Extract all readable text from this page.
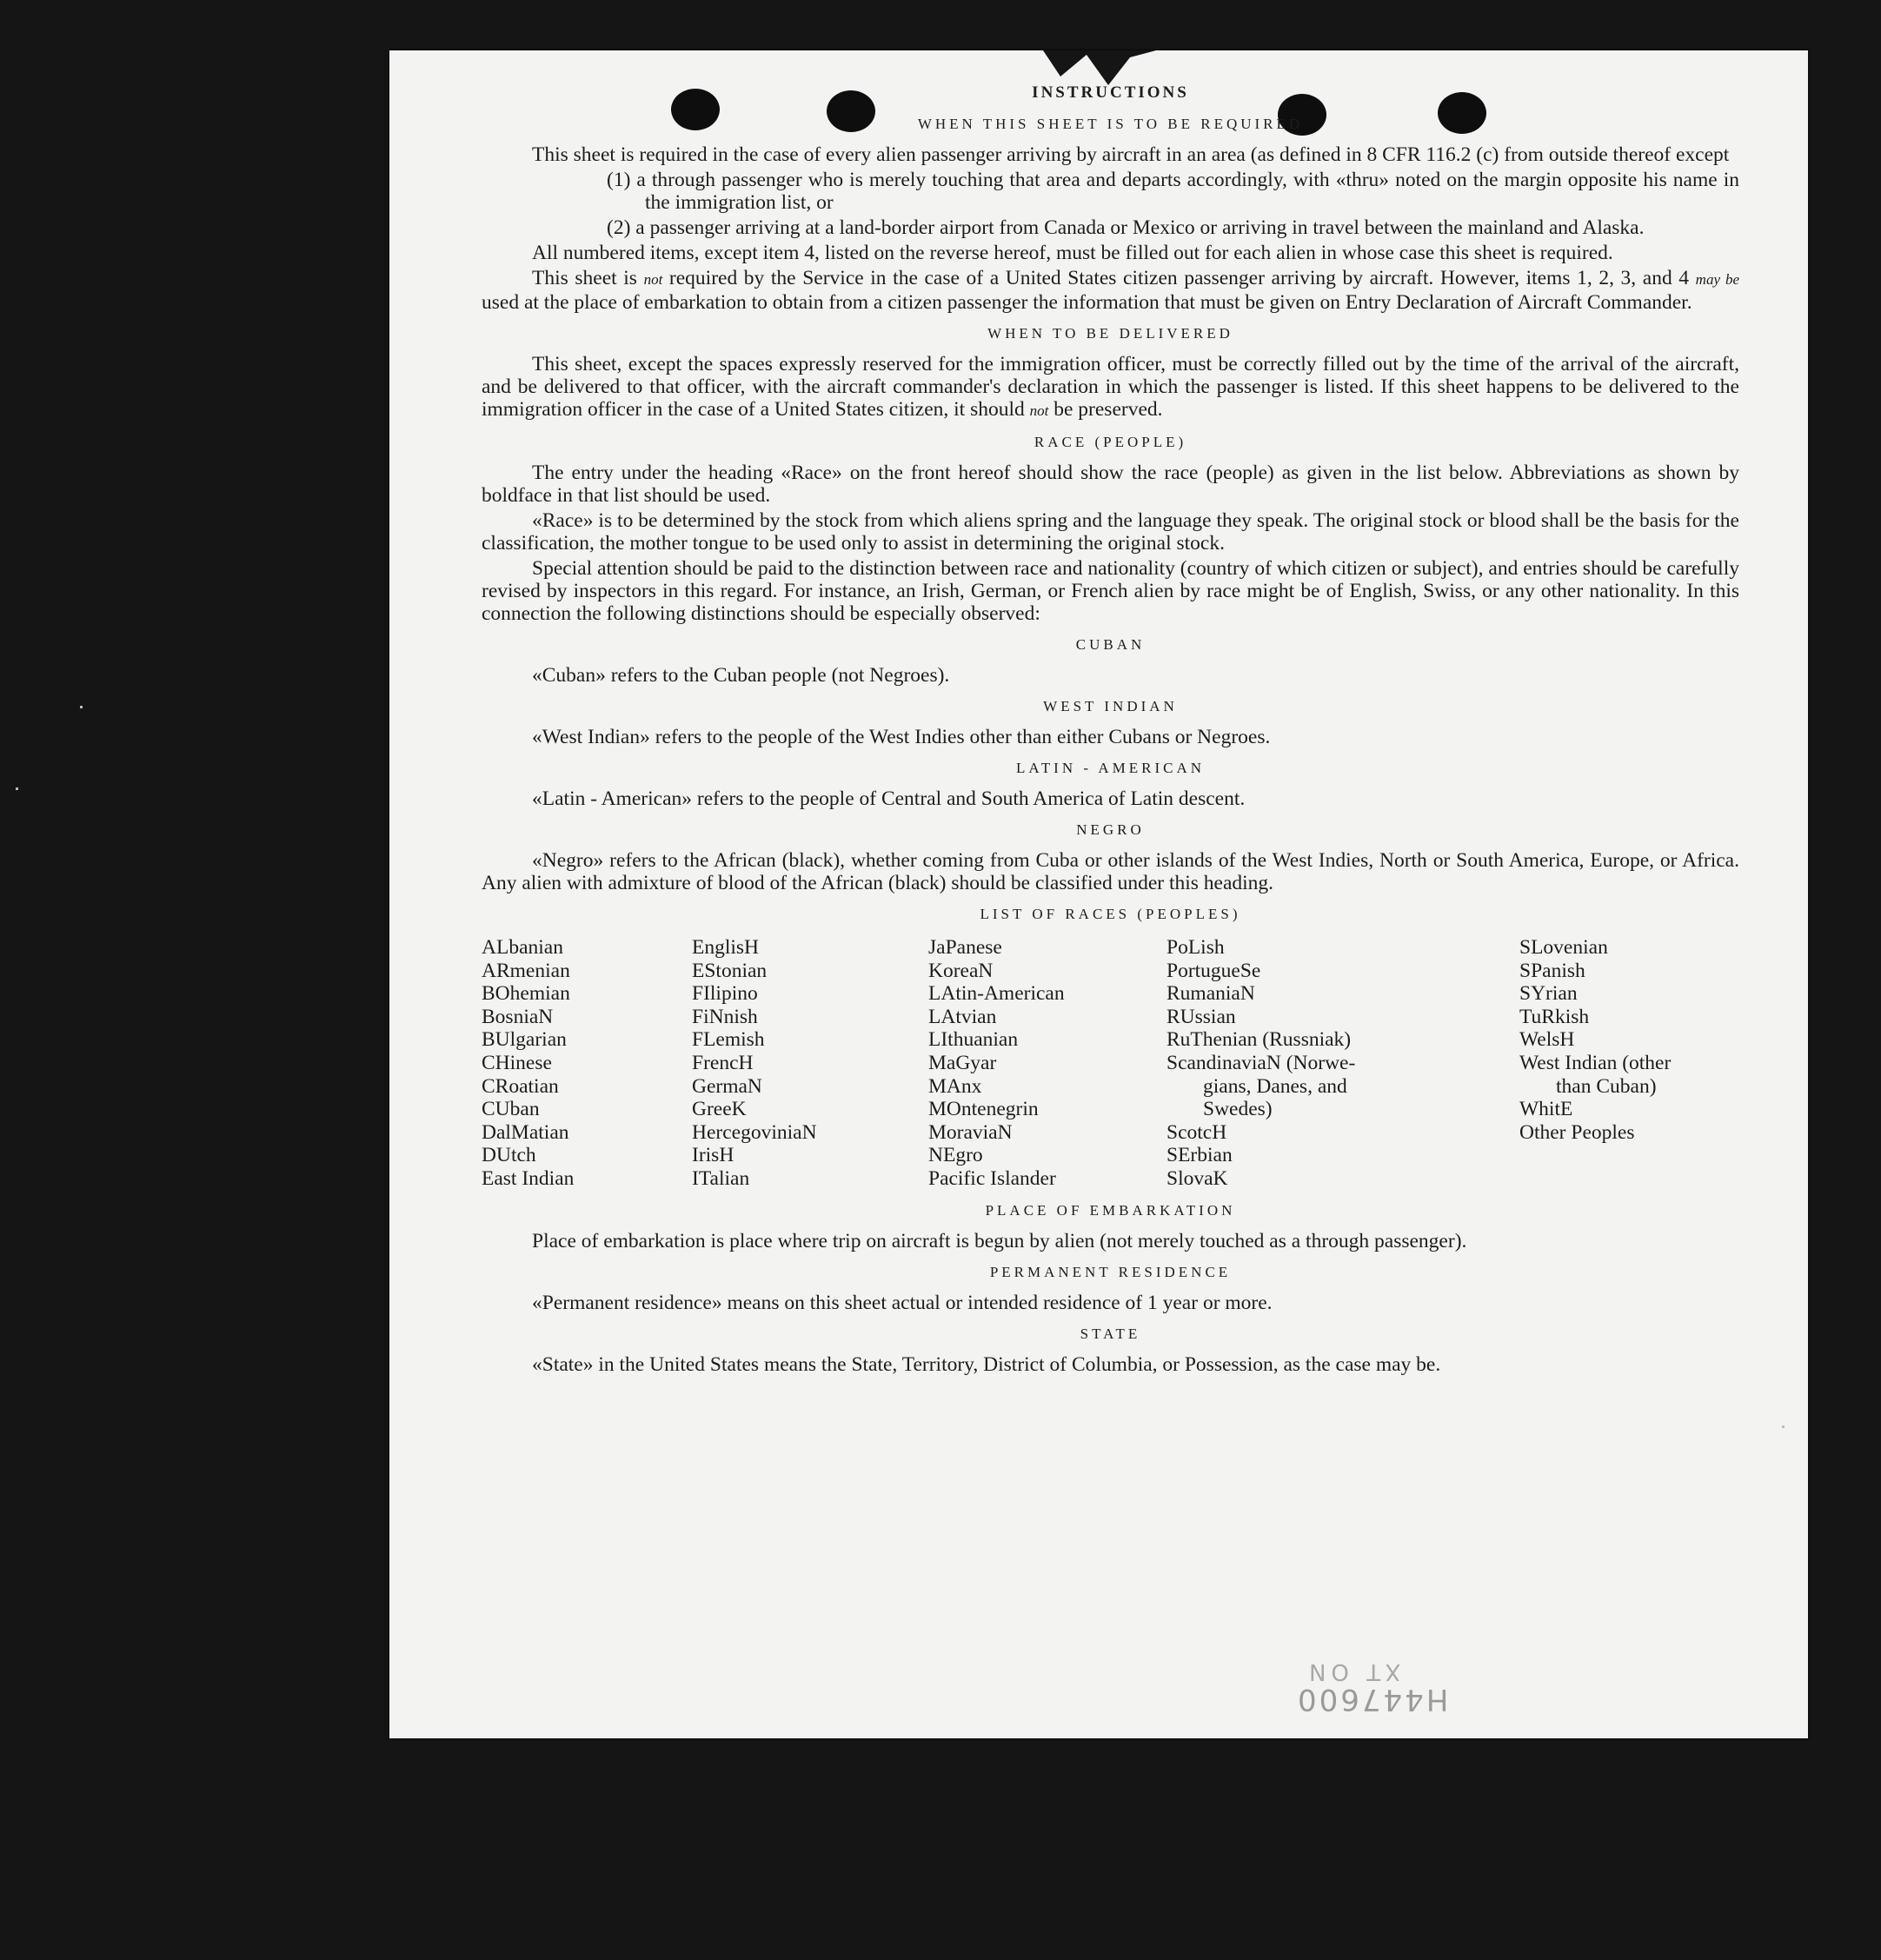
INSTRUCTIONS
WHEN THIS SHEET IS TO BE REQUIRED

This sheet is required in the case of every alien passenger arriving by aircraft in an area (as defined in 8 CFR 116.2 (c) from outside thereof except

(1) a through passenger who is merely touching that area and departs accordingly, with «thru» noted on the margin opposite his name in the immigration list, or

(2) a passenger arriving at a land-border airport from Canada or Mexico or arriving in travel between the mainland and Alaska.

All numbered items, except item 4, listed on the reverse hereof, must be filled out for each alien in whose case this sheet is required.

This sheet is not required by the Service in the case of a United States citizen passenger arriving by aircraft. However, items 1, 2, 3, and 4 may be used at the place of embarkation to obtain from a citizen passenger the information that must be given on Entry Declaration of Aircraft Commander.

WHEN TO BE DELIVERED

This sheet, except the spaces expressly reserved for the immigration officer, must be correctly filled out by the time of the arrival of the aircraft, and be delivered to that officer, with the aircraft commander's declaration in which the passenger is listed. If this sheet happens to be delivered to the immigration officer in the case of a United States citizen, it should not be preserved.

RACE (PEOPLE)

The entry under the heading «Race» on the front hereof should show the race (people) as given in the list below. Abbreviations as shown by boldface in that list should be used.

«Race» is to be determined by the stock from which aliens spring and the language they speak. The original stock or blood shall be the basis for the classification, the mother tongue to be used only to assist in determining the original stock.

Special attention should be paid to the distinction between race and nationality (country of which citizen or subject), and entries should be carefully revised by inspectors in this regard. For instance, an Irish, German, or French alien by race might be of English, Swiss, or any other nationality. In this connection the following distinctions should be especially observed:

CUBAN

«Cuban» refers to the Cuban people (not Negroes).

WEST INDIAN

«West Indian» refers to the people of the West Indies other than either Cubans or Negroes.

LATIN - AMERICAN

«Latin - American» refers to the people of Central and South America of Latin descent.

NEGRO

«Negro» refers to the African (black), whether coming from Cuba or other islands of the West Indies, North or South America, Europe, or Africa. Any alien with admixture of blood of the African (black) should be classified under this heading.

LIST OF RACES (PEOPLES)
ALbanian
ARmenian
BOhemian
BosniaN
BUlgarian
CHinese
CRoatian
CUban
DalMatian
DUtch
East Indian
EnglisH
EStonian
FIlipino
FiNnish
FLemish
FrencH
GermaN
GreeK
HercegoviniaN
IrisH
ITalian
JaPanese
KoreaN
LAtin-American
LAtvian
LIthuanian
MaGyar
MAnx
MOntenegrin
MoraviaN
NEgro
Pacific Islander
PoLish
PortugueSe
RumaniaN
RUssian
RuThenian (Russniak)
ScandinaviaN (Norwe-
gians, Danes, and
Swedes)
ScotcH
SErbian
SlovaK
SLovenian
SPanish
SYrian
TuRkish
WelsH
West Indian (other
than Cuban)
WhitE
Other Peoples
PLACE OF EMBARKATION

Place of embarkation is place where trip on aircraft is begun by alien (not merely touched as a through passenger).

PERMANENT RESIDENCE

«Permanent residence» means on this sheet actual or intended residence of 1 year or more.

STATE

«State» in the United States means the State, Territory, District of Columbia, or Possession, as the case may be.

H447600
XT ON
